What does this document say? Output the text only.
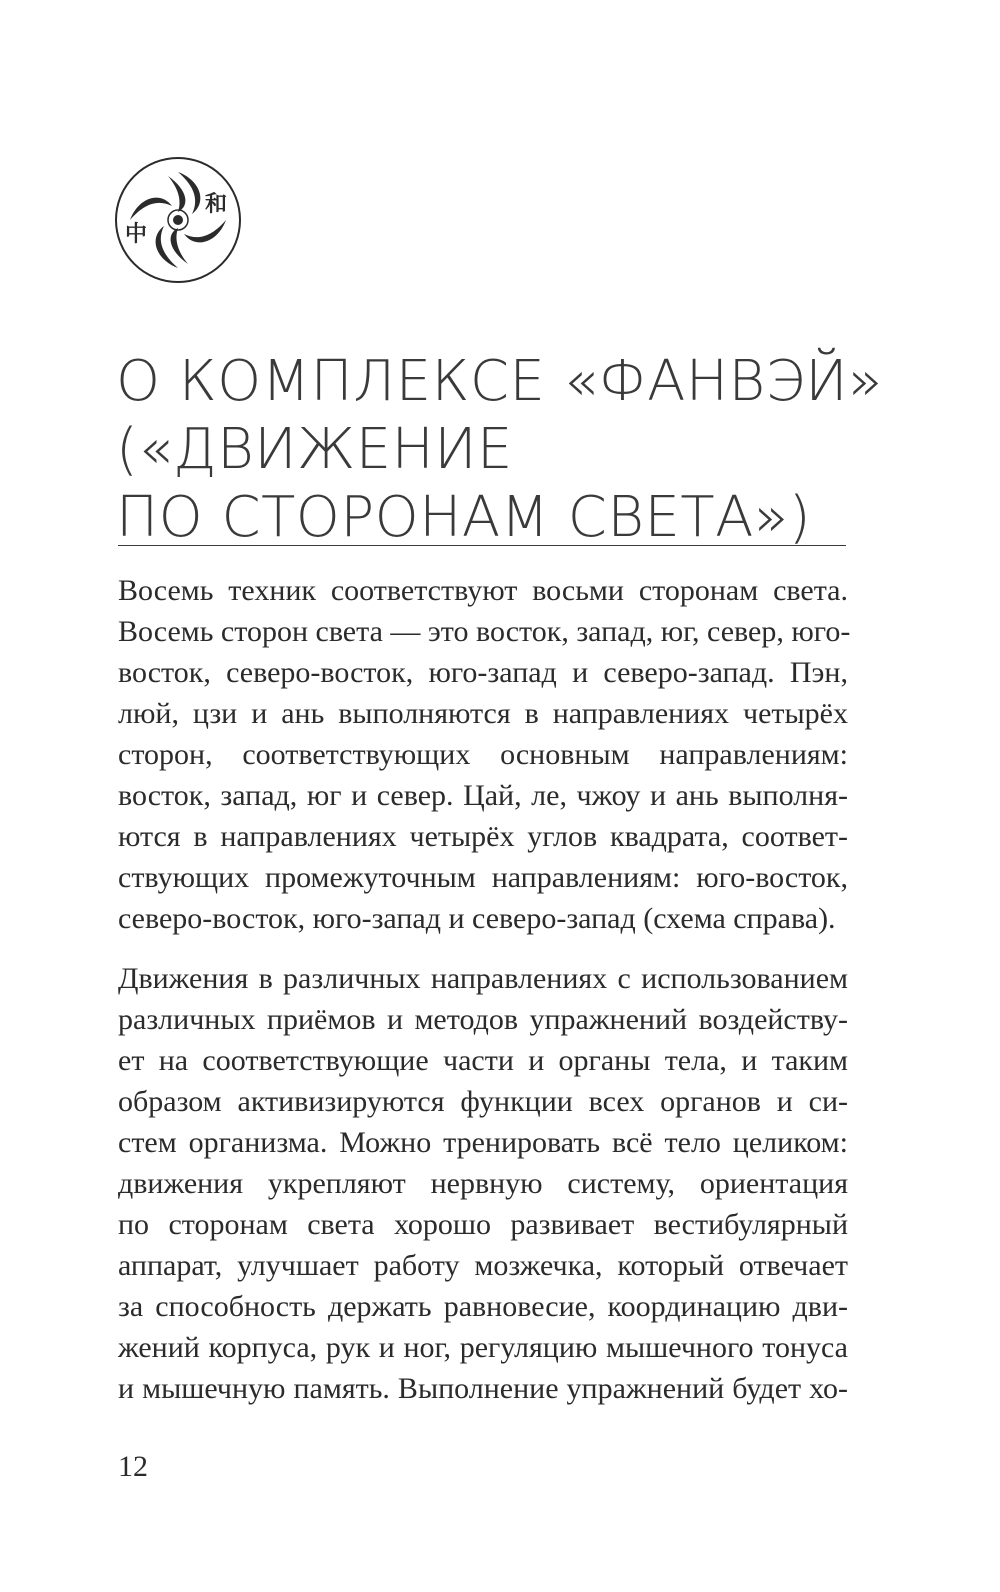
中
和
О КОМПЛЕКСЕ «ФАНВЭЙ»
(«ДВИЖЕНИЕ
ПО СТОРОНАМ СВЕТА»)
Восемь техник соответствуют восьми сторонам света.
Восемь сторон света — это восток, запад, юг, север, юго-
восток, северо-восток, юго-запад и северо-запад. Пэн,
люй, цзи и ань выполняются в направлениях четырёх
сторон, соответствующих основным направлениям:
восток, запад, юг и север. Цай, ле, чжоу и ань выполня-
ются в направлениях четырёх углов квадрата, соответ-
ствующих промежуточным направлениям: юго-восток,
северо-восток, юго-запад и северо-запад (схема справа).
Движения в различных направлениях с использованием
различных приёмов и методов упражнений воздейству-
ет на соответствующие части и органы тела, и таким
образом активизируются функции всех органов и си-
стем организма. Можно тренировать всё тело целиком:
движения укрепляют нервную систему, ориентация
по сторонам света хорошо развивает вестибулярный
аппарат, улучшает работу мозжечка, который отвечает
за способность держать равновесие, координацию дви-
жений корпуса, рук и ног, регуляцию мышечного тонуса
и мышечную память. Выполнение упражнений будет хо-
12
